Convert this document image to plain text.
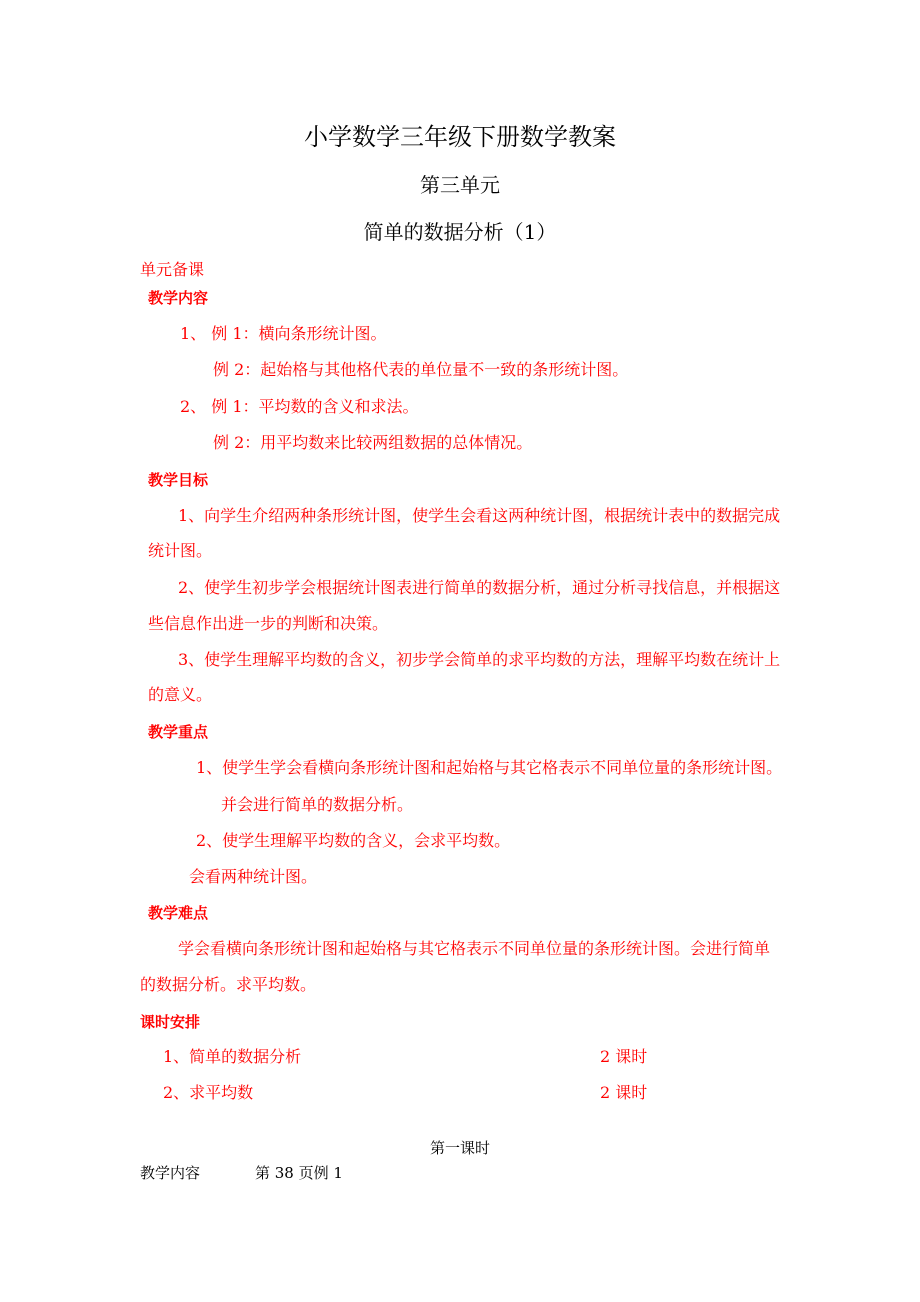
小学数学三年级下册数学教案
第三单元
简单的数据分析（1）
单元备课
教学内容
1、 例 1：横向条形统计图。
例 2：起始格与其他格代表的单位量不一致的条形统计图。
2、 例 1：平均数的含义和求法。
例 2：用平均数来比较两组数据的总体情况。
教学目标
1、向学生介绍两种条形统计图，使学生会看这两种统计图，根据统计表中的数据完成
统计图。
2、使学生初步学会根据统计图表进行简单的数据分析，通过分析寻找信息，并根据这
些信息作出进一步的判断和决策。
3、使学生理解平均数的含义，初步学会简单的求平均数的方法，理解平均数在统计上
的意义。
教学重点
1、使学生学会看横向条形统计图和起始格与其它格表示不同单位量的条形统计图。
并会进行简单的数据分析。
2、使学生理解平均数的含义，会求平均数。
会看两种统计图。
教学难点
学会看横向条形统计图和起始格与其它格表示不同单位量的条形统计图。会进行简单
的数据分析。求平均数。
课时安排
1、简单的数据分析	2 课时
2、求平均数	2 课时
第一课时
教学内容	第 38 页例 1
